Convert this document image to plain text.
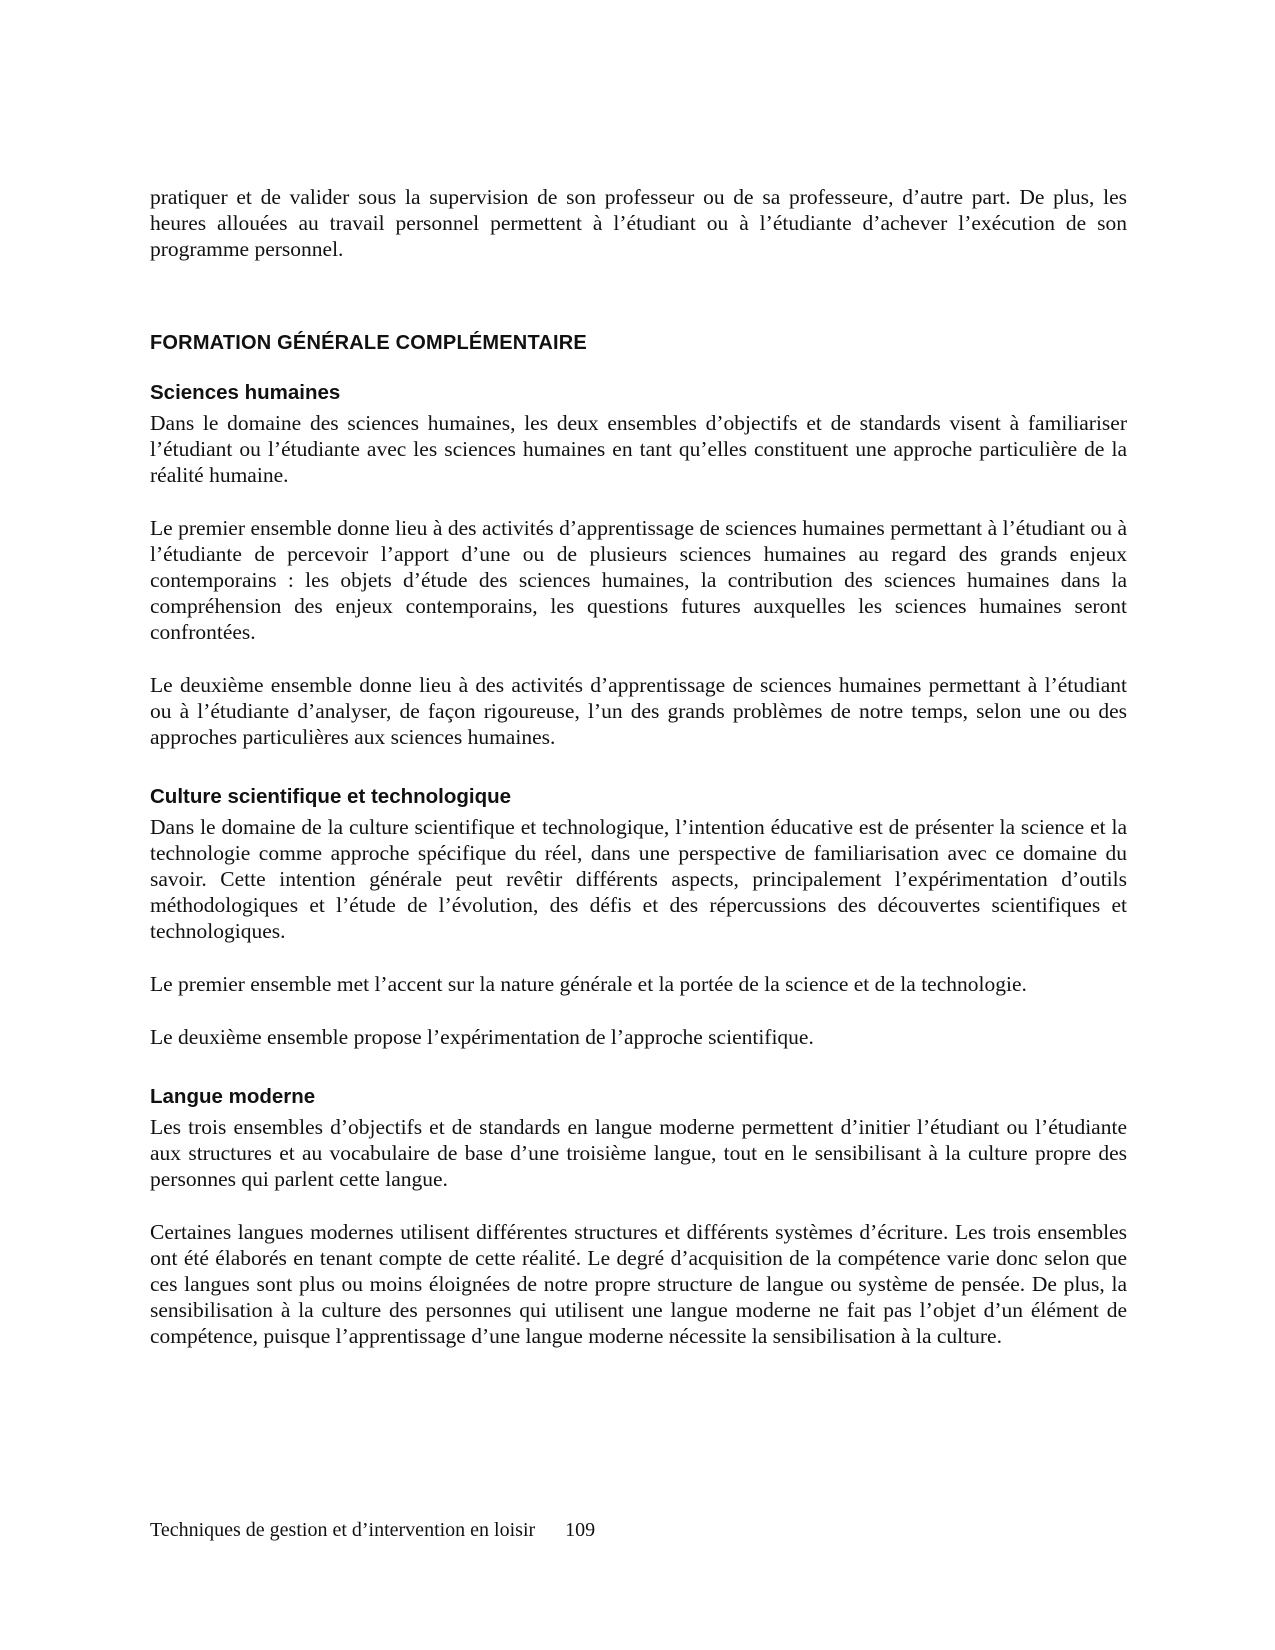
pratiquer et de valider sous la supervision de son professeur ou de sa professeure, d’autre part. De plus, les heures allouées au travail personnel permettent à l’étudiant ou à l’étudiante d’achever l’exécution de son programme personnel.

FORMATION GÉNÉRALE COMPLÉMENTAIRE
Sciences humaines

Dans le domaine des sciences humaines, les deux ensembles d’objectifs et de standards visent à familiariser l’étudiant ou l’étudiante avec les sciences humaines en tant qu’elles constituent une approche particulière de la réalité humaine.

Le premier ensemble donne lieu à des activités d’apprentissage de sciences humaines permettant à l’étudiant ou à l’étudiante de percevoir l’apport d’une ou de plusieurs sciences humaines au regard des grands enjeux contemporains : les objets d’étude des sciences humaines, la contribution des sciences humaines dans la compréhension des enjeux contemporains, les questions futures auxquelles les sciences humaines seront confrontées.

Le deuxième ensemble donne lieu à des activités d’apprentissage de sciences humaines permettant à l’étudiant ou à l’étudiante d’analyser, de façon rigoureuse, l’un des grands problèmes de notre temps, selon une ou des approches particulières aux sciences humaines.

Culture scientifique et technologique

Dans le domaine de la culture scientifique et technologique, l’intention éducative est de présenter la science et la technologie comme approche spécifique du réel, dans une perspective de familiarisation avec ce domaine du savoir. Cette intention générale peut revêtir différents aspects, principalement l’expérimentation d’outils méthodologiques et l’étude de l’évolution, des défis et des répercussions des découvertes scientifiques et technologiques.

Le premier ensemble met l’accent sur la nature générale et la portée de la science et de la technologie.

Le deuxième ensemble propose l’expérimentation de l’approche scientifique.

Langue moderne

Les trois ensembles d’objectifs et de standards en langue moderne permettent d’initier l’étudiant ou l’étudiante aux structures et au vocabulaire de base d’une troisième langue, tout en le sensibilisant à la culture propre des personnes qui parlent cette langue.

Certaines langues modernes utilisent différentes structures et différents systèmes d’écriture. Les trois ensembles ont été élaborés en tenant compte de cette réalité. Le degré d’acquisition de la compétence varie donc selon que ces langues sont plus ou moins éloignées de notre propre structure de langue ou système de pensée. De plus, la sensibilisation à la culture des personnes qui utilisent une langue moderne ne fait pas l’objet d’un élément de compétence, puisque l’apprentissage d’une langue moderne nécessite la sensibilisation à la culture.

Techniques de gestion et d’intervention en loisir 109
